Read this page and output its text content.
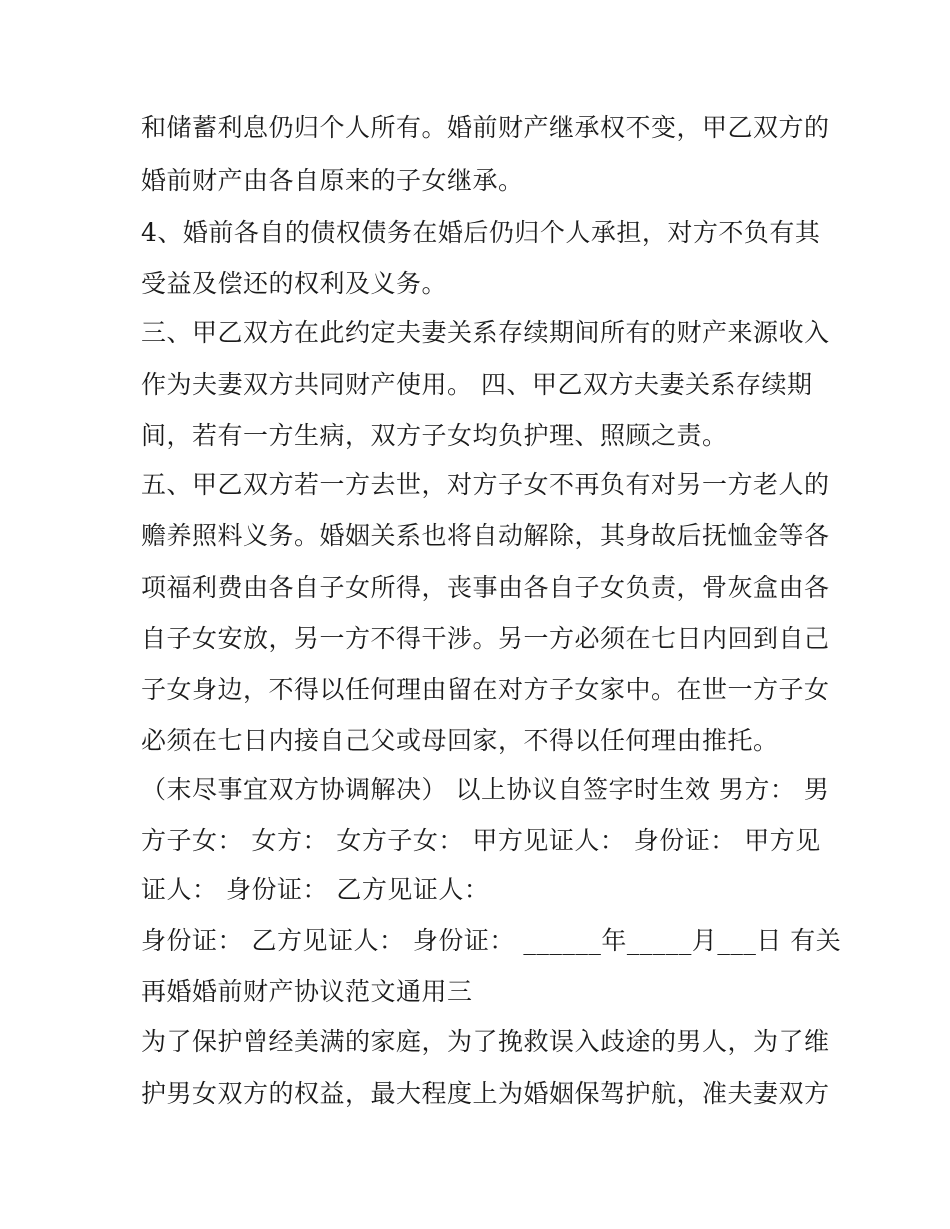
和储蓄利息仍归个人所有。婚前财产继承权不变，甲乙双方的
婚前财产由各自原来的子女继承。
4、婚前各自的债权债务在婚后仍归个人承担，对方不负有其
受益及偿还的权利及义务。
三、甲乙双方在此约定夫妻关系存续期间所有的财产来源收入
作为夫妻双方共同财产使用。 四、甲乙双方夫妻关系存续期
间，若有一方生病，双方子女均负护理、照顾之责。
五、甲乙双方若一方去世，对方子女不再负有对另一方老人的
赡养照料义务。婚姻关系也将自动解除，其身故后抚恤金等各
项福利费由各自子女所得，丧事由各自子女负责，骨灰盒由各
自子女安放，另一方不得干涉。另一方必须在七日内回到自己
子女身边，不得以任何理由留在对方子女家中。在世一方子女
必须在七日内接自己父或母回家，不得以任何理由推托。
（末尽事宜双方协调解决） 以上协议自签字时生效 男方： 男
方子女： 女方： 女方子女： 甲方见证人： 身份证： 甲方见
证人： 身份证： 乙方见证人：
身份证： 乙方见证人： 身份证： ______年_____月___日 有关
再婚婚前财产协议范文通用三
为了保护曾经美满的家庭，为了挽救误入歧途的男人，为了维
护男女双方的权益，最大程度上为婚姻保驾护航，准夫妻双方
